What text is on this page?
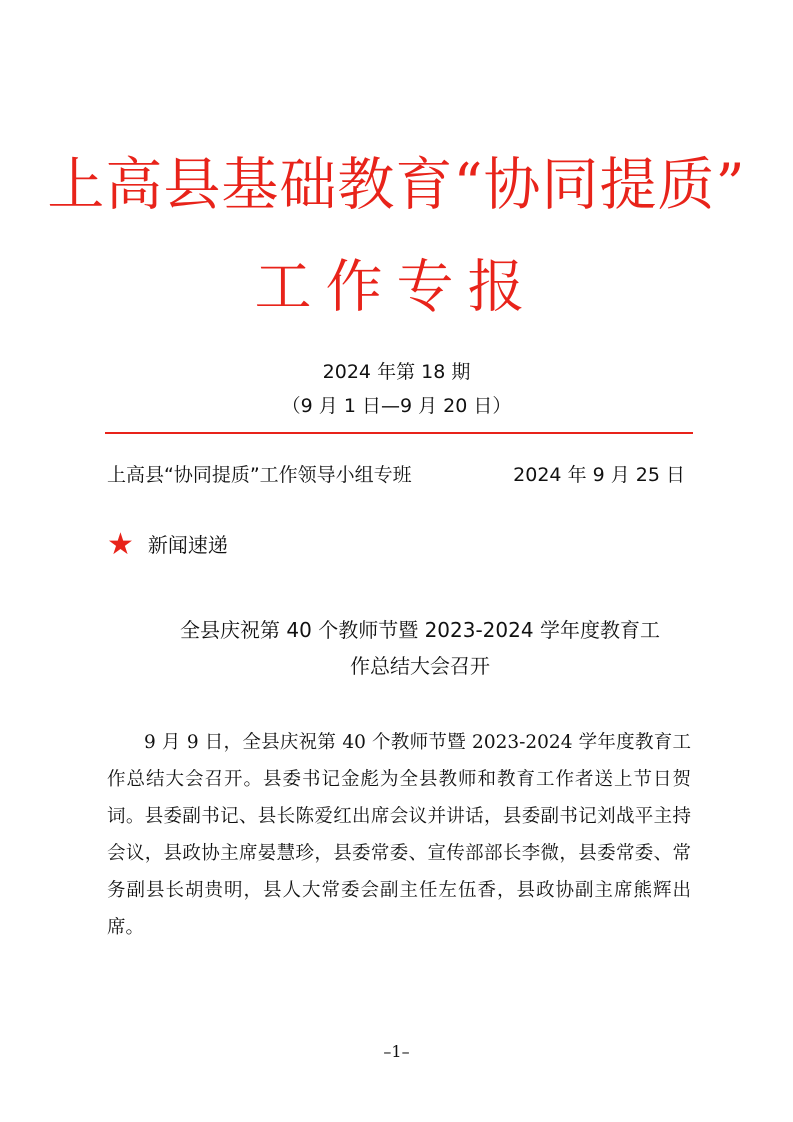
上高县基础教育“协同提质”
工作专报
2024 年第 18 期
（9 月 1 日—9 月 20 日）
上高县“协同提质”工作领导小组专班	2024 年 9 月 25 日
★ 新闻速递
全县庆祝第 40 个教师节暨 2023-2024 学年度教育工
作总结大会召开
9 月 9 日，全县庆祝第 40 个教师节暨 2023-2024 学年度教育工作总结大会召开。县委书记金彪为全县教师和教育工作者送上节日贺词。县委副书记、县长陈爱红出席会议并讲话，县委副书记刘战平主持会议，县政协主席晏慧珍，县委常委、宣传部部长李微，县委常委、常务副县长胡贵明，县人大常委会副主任左伍香，县政协副主席熊辉出席。
–1–
